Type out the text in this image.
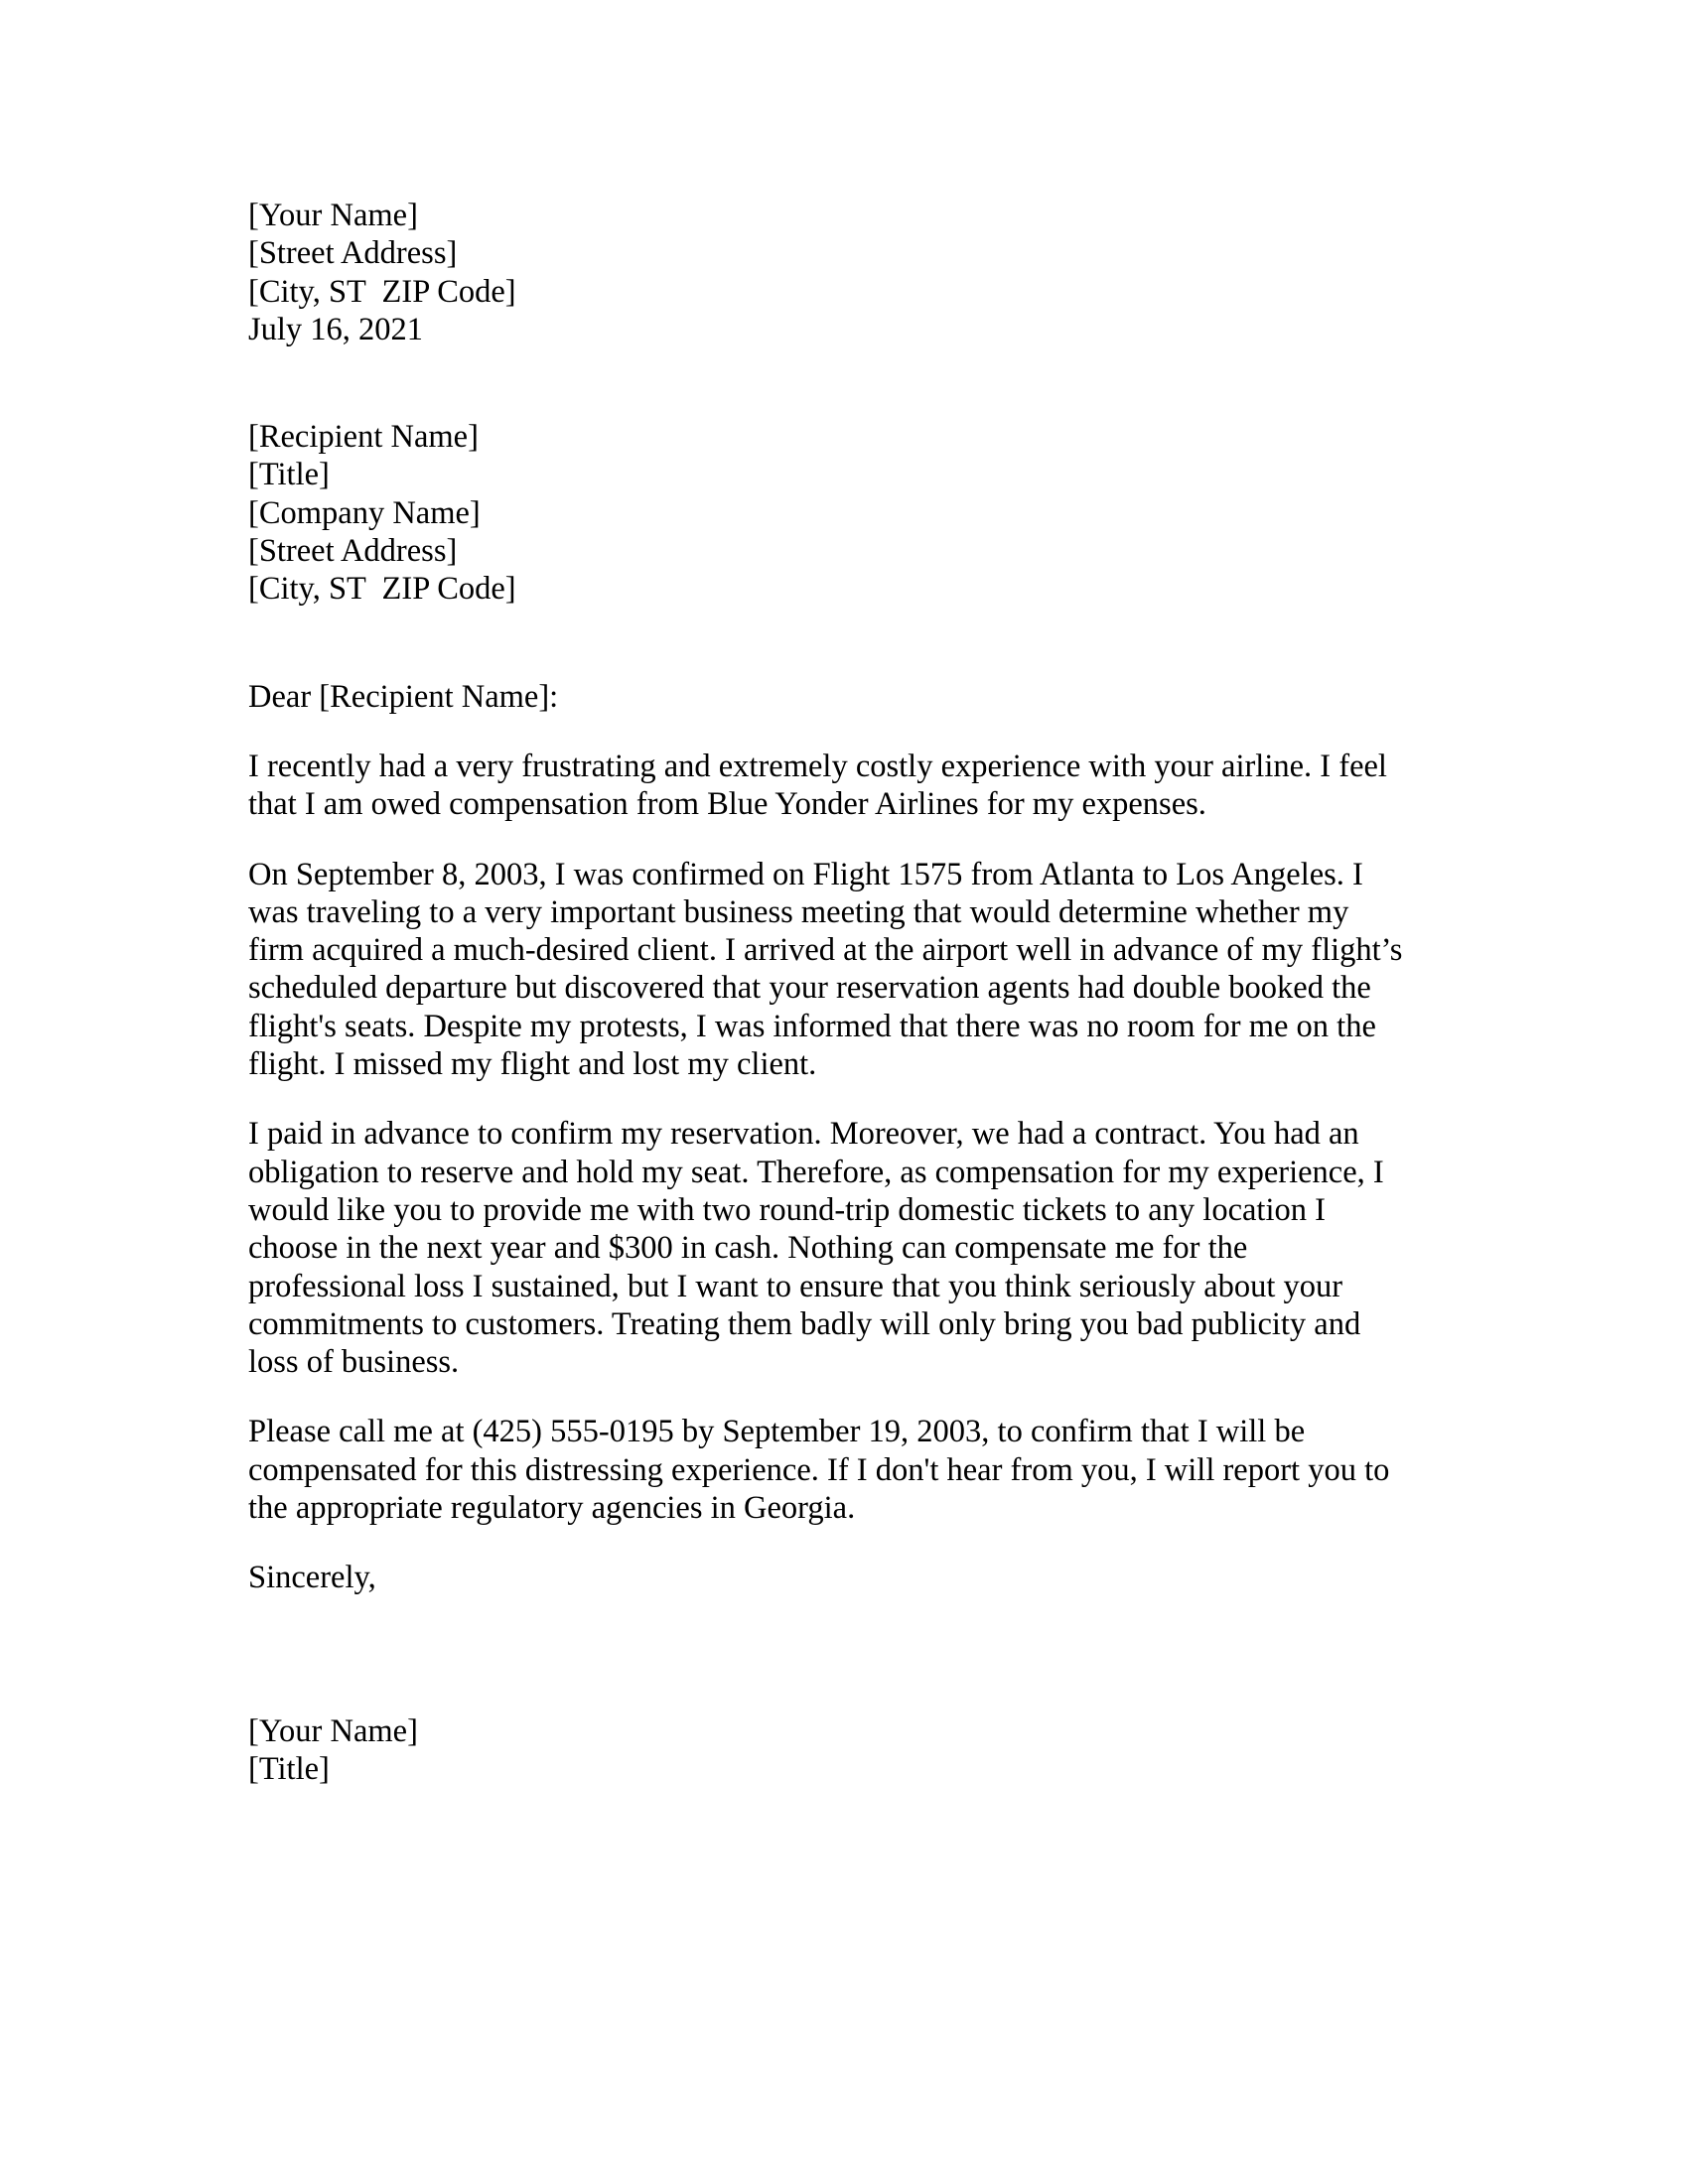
[Your Name]
[Street Address]
[City, ST  ZIP Code]
July 16, 2021
[Recipient Name]
[Title]
[Company Name]
[Street Address]
[City, ST  ZIP Code]
Dear [Recipient Name]:

I recently had a very frustrating and extremely costly experience with your airline. I feel
that I am owed compensation from Blue Yonder Airlines for my expenses.

On September 8, 2003, I was confirmed on Flight 1575 from Atlanta to Los Angeles. I
was traveling to a very important business meeting that would determine whether my
firm acquired a much-desired client. I arrived at the airport well in advance of my flight’s
scheduled departure but discovered that your reservation agents had double booked the
flight's seats. Despite my protests, I was informed that there was no room for me on the
flight. I missed my flight and lost my client.

I paid in advance to confirm my reservation. Moreover, we had a contract. You had an
obligation to reserve and hold my seat. Therefore, as compensation for my experience, I
would like you to provide me with two round-trip domestic tickets to any location I
choose in the next year and $300 in cash. Nothing can compensate me for the
professional loss I sustained, but I want to ensure that you think seriously about your
commitments to customers. Treating them badly will only bring you bad publicity and
loss of business.

Please call me at (425) 555-0195 by September 19, 2003, to confirm that I will be
compensated for this distressing experience. If I don't hear from you, I will report you to
the appropriate regulatory agencies in Georgia.

Sincerely,
[Your Name]
[Title]
